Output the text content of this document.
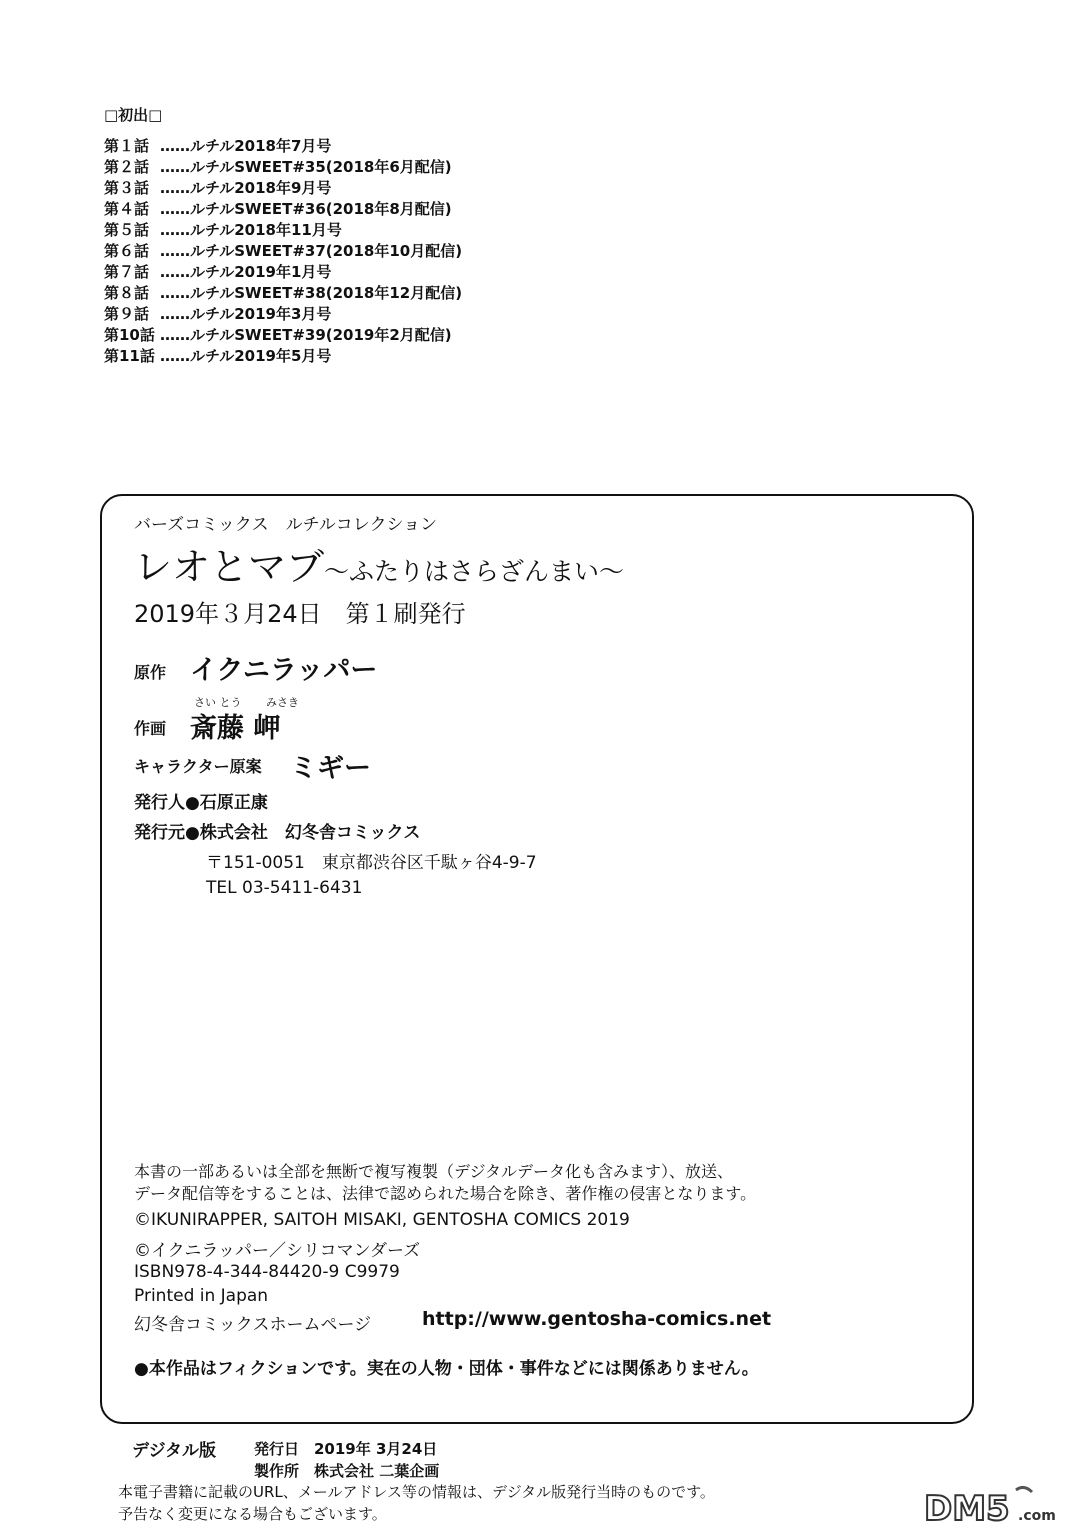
□初出□
第１話 ……ルチル2018年7月号
第２話 ……ルチルSWEET#35(2018年6月配信)
第３話 ……ルチル2018年9月号
第４話 ……ルチルSWEET#36(2018年8月配信)
第５話 ……ルチル2018年11月号
第６話 ……ルチルSWEET#37(2018年10月配信)
第７話 ……ルチル2019年1月号
第８話 ……ルチルSWEET#38(2018年12月配信)
第９話 ……ルチル2019年3月号
第10話 ……ルチルSWEET#39(2019年2月配信)
第11話 ……ルチル2019年5月号
バーズコミックス　ルチルコレクション
レオとマブ～ふたりはさらざんまい～
2019年３月24日　第１刷発行
原作 イクニラッパー
さい とう みさき
作画 斎藤 岬
キャラクター原案 ミギー
発行人●石原正康
発行元●株式会社　幻冬舎コミックス
〒151-0051　東京都渋谷区千駄ヶ谷4-9-7
TEL 03-5411-6431
本書の一部あるいは全部を無断で複写複製（デジタルデータ化も含みます）、放送、
データ配信等をすることは、法律で認められた場合を除き、著作権の侵害となります。
©IKUNIRAPPER, SAITOH MISAKI, GENTOSHA COMICS 2019
©イクニラッパー／シリコマンダーズ
ISBN978-4-344-84420-9 C9979
Printed in Japan
幻冬舎コミックスホームページ	http://www.gentosha-comics.net
●本作品はフィクションです。実在の人物・団体・事件などには関係ありません。
デジタル版	発行日　2019年 3月24日
製作所　株式会社 二葉企画
本電子書籍に記載のURL、メールアドレス等の情報は、デジタル版発行当時のものです。
予告なく変更になる場合もございます。	DM5 .com
